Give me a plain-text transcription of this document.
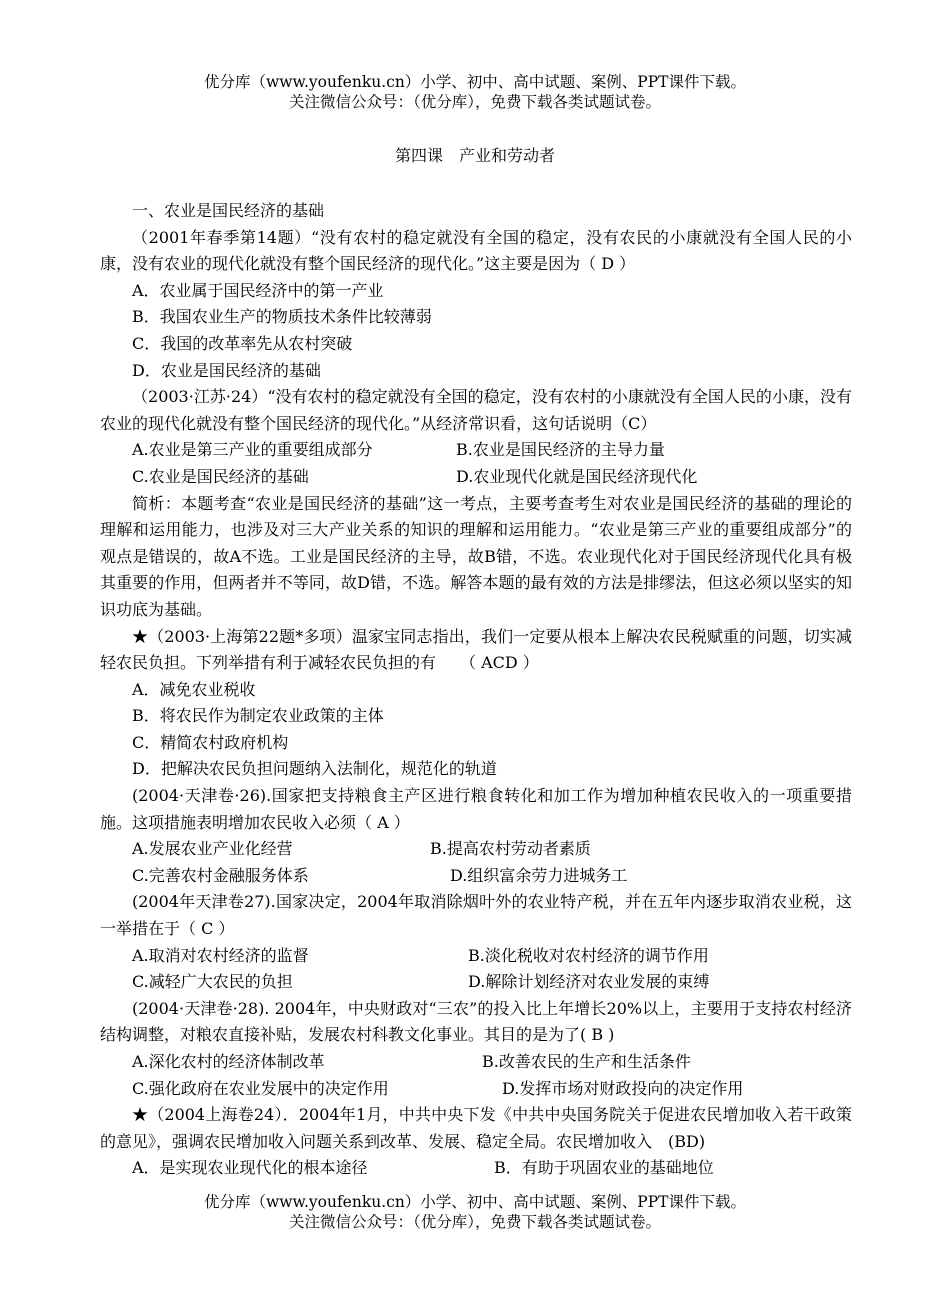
优分库（www.youfenku.cn）小学、初中、高中试题、案例、PPT课件下载。
关注微信公众号：（优分库），免费下载各类试题试卷。
第四课　产业和劳动者

一、农业是国民经济的基础

（2001年春季第14题）“没有农村的稳定就没有全国的稳定，没有农民的小康就没有全国人民的小康，没有农业的现代化就没有整个国民经济的现代化。”这主要是因为（ D ）

A．农业属于国民经济中的第一产业

B．我国农业生产的物质技术条件比较薄弱

C．我国的改革率先从农村突破

D．农业是国民经济的基础

（2003·江苏·24）“没有农村的稳定就没有全国的稳定，没有农村的小康就没有全国人民的小康，没有农业的现代化就没有整个国民经济的现代化。”从经济常识看，这句话说明（C）

A.农业是第三产业的重要组成部分	B.农业是国民经济的主导力量
C.农业是国民经济的基础	D.农业现代化就是国民经济现代化

简析：本题考查“农业是国民经济的基础”这一考点，主要考查考生对农业是国民经济的基础的理论的理解和运用能力，也涉及对三大产业关系的知识的理解和运用能力。“农业是第三产业的重要组成部分”的观点是错误的，故A不选。工业是国民经济的主导，故B错，不选。农业现代化对于国民经济现代化具有极其重要的作用，但两者并不等同，故D错，不选。解答本题的最有效的方法是排缪法，但这必须以坚实的知识功底为基础。

★（2003·上海第22题*多项）温家宝同志指出，我们一定要从根本上解决农民税赋重的问题，切实减轻农民负担。下列举措有利于减轻农民负担的有　　（ ACD ）

A．减免农业税收

B．将农民作为制定农业政策的主体

C．精简农村政府机构

D．把解决农民负担问题纳入法制化，规范化的轨道

(2004·天津卷·26).国家把支持粮食主产区进行粮食转化和加工作为增加种植农民收入的一项重要措施。这项措施表明增加农民收入必须（ A ）

A.发展农业产业化经营	B.提高农村劳动者素质
C.完善农村金融服务体系	D.组织富余劳力进城务工

(2004年天津卷27).国家决定，2004年取消除烟叶外的农业特产税，并在五年内逐步取消农业税，这一举措在于（ C ）

A.取消对农村经济的监督	B.淡化税收对农村经济的调节作用
C.减轻广大农民的负担	D.解除计划经济对农业发展的束缚

(2004·天津卷·28). 2004年，中央财政对“三农”的投入比上年增长20%以上，主要用于支持农村经济结构调整，对粮农直接补贴，发展农村科教文化事业。其目的是为了( B )

A.深化农村的经济体制改革	B.改善农民的生产和生活条件
C.强化政府在农业发展中的决定作用	D.发挥市场对财政投向的决定作用

★（2004上海卷24）．2004年1月，中共中央下发《中共中央国务院关于促进农民增加收入若干政策的意见》，强调农民增加收入问题关系到改革、发展、稳定全局。农民增加收入　(BD)

A．是实现农业现代化的根本途径	B．有助于巩固农业的基础地位
优分库（www.youfenku.cn）小学、初中、高中试题、案例、PPT课件下载。
关注微信公众号：（优分库），免费下载各类试题试卷。
